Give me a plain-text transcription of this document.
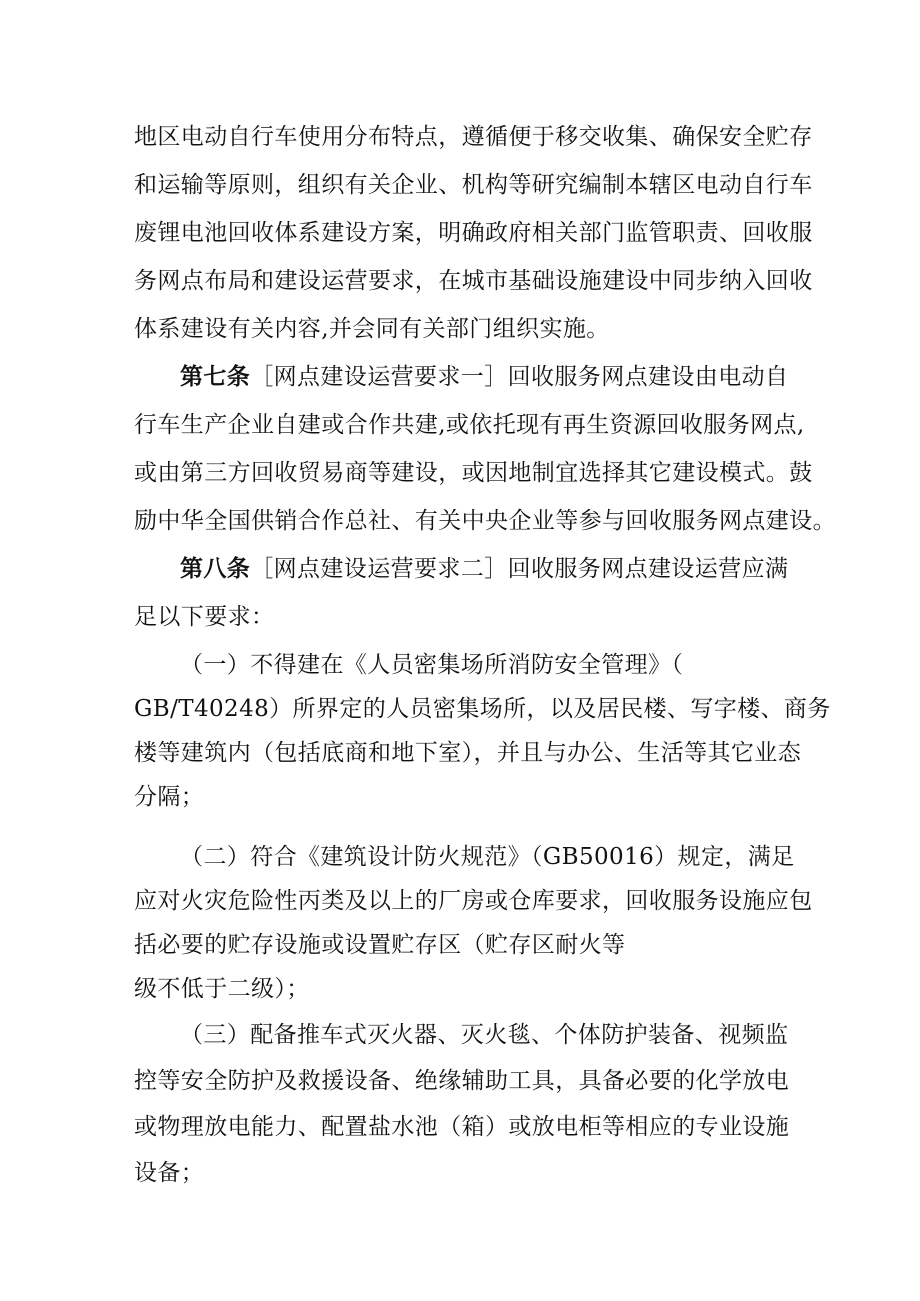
地区电动自行车使用分布特点，遵循便于移交收集、确保安全贮存
和运输等原则，组织有关企业、机构等研究编制本辖区电动自行车
废锂电池回收体系建设方案，明确政府相关部门监管职责、回收服
务网点布局和建设运营要求，在城市基础设施建设中同步纳入回收
体系建设有关内容,并会同有关部门组织实施。
第七条［网点建设运营要求一］回收服务网点建设由电动自
行车生产企业自建或合作共建,或依托现有再生资源回收服务网点,
或由第三方回收贸易商等建设，或因地制宜选择其它建设模式。鼓
励中华全国供销合作总社、有关中央企业等参与回收服务网点建设。
第八条［网点建设运营要求二］回收服务网点建设运营应满
足以下要求：
（一）不得建在《人员密集场所消防安全管理》（
GB/T40248）所界定的人员密集场所，以及居民楼、写字楼、商务
楼等建筑内（包括底商和地下室），并且与办公、生活等其它业态
分隔；
（二）符合《建筑设计防火规范》（GB50016）规定，满足
应对火灾危险性丙类及以上的厂房或仓库要求，回收服务设施应包
括必要的贮存设施或设置贮存区（贮存区耐火等
级不低于二级）；
（三）配备推车式灭火器、灭火毯、个体防护装备、视频监
控等安全防护及救援设备、绝缘辅助工具，具备必要的化学放电
或物理放电能力、配置盐水池（箱）或放电柜等相应的专业设施
设备；
